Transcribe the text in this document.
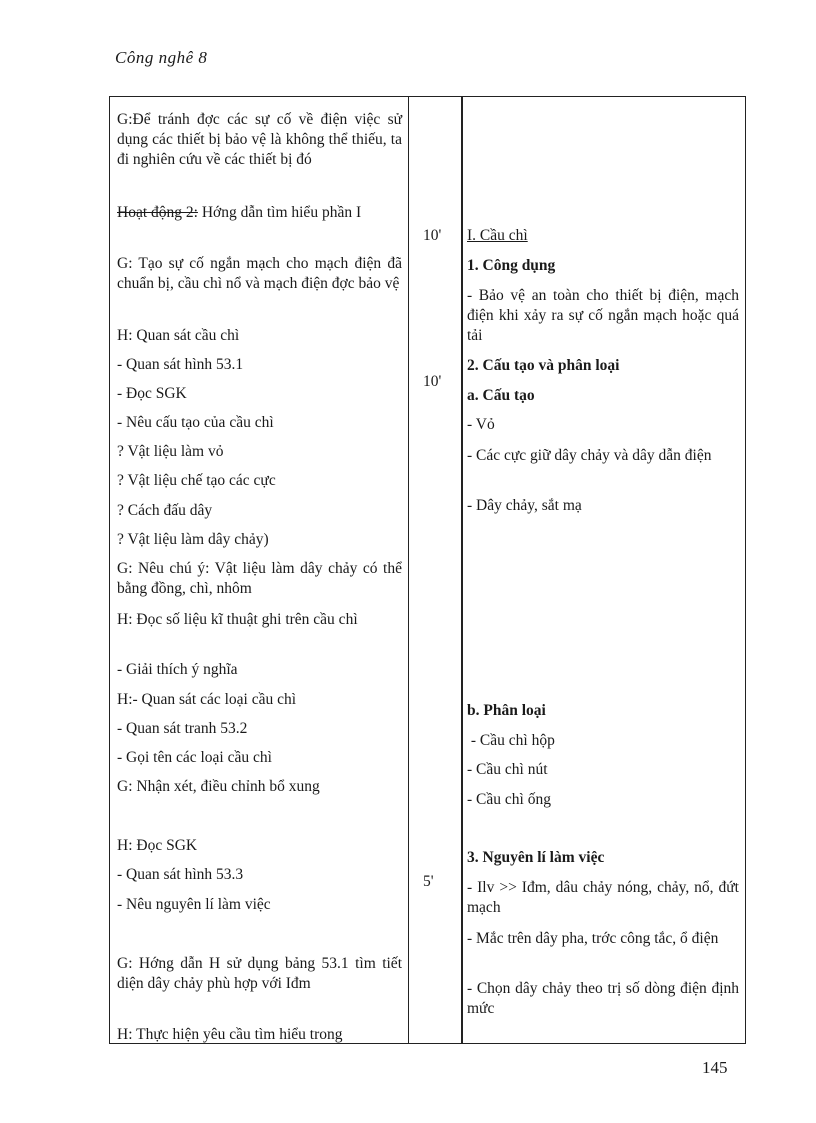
Công nghê 8
G:Để tránh đợc các sự cố về điện việc sử dụng các thiết bị bảo vệ là không thể thiếu, ta đi nghiên cứu về các thiết bị đó
Hoạt động 2: Hớng dẫn tìm hiểu phần I
G: Tạo sự cố ngắn mạch cho mạch điện đã chuẩn bị, cầu chì nổ và mạch điện đợc bảo vệ
H: Quan sát cầu chì
- Quan sát hình 53.1
- Đọc SGK
- Nêu cấu tạo của cầu chì
? Vật liệu làm vỏ
? Vật liệu chế tạo các cực
? Cách đấu dây
? Vật liệu làm dây chảy)
G: Nêu chú ý: Vật liệu làm dây chảy có thể bằng đồng, chì, nhôm
H: Đọc số liệu kĩ thuật ghi trên cầu chì
- Giải thích ý nghĩa
H:- Quan sát các loại cầu chì
- Quan sát tranh 53.2
- Gọi tên các loại cầu chì
G: Nhận xét, điều chỉnh bổ xung
H: Đọc SGK
- Quan sát hình 53.3
- Nêu nguyên lí làm việc
G: Hớng dẫn H sử dụng bảng 53.1 tìm tiết diện dây chảy phù hợp với Iđm
H: Thực hiện yêu cầu tìm hiểu trong
10'
10'
5'
I. Cầu chì
1. Công dụng
- Bảo vệ an toàn cho thiết bị điện, mạch điện khi xảy ra sự cố ngắn mạch hoặc quá tải
2. Cấu tạo và phân loại
a. Cấu tạo
- Vỏ
- Các cực giữ dây chảy và dây dẫn điện
- Dây chảy, sắt mạ
b. Phân loại
- Cầu chì hộp
- Cầu chì nút
- Cầu chì ống
3. Nguyên lí làm việc
- Ilv >> Iđm, dâu chảy nóng, chảy, nổ, đứt mạch
- Mắc trên dây pha, trớc công tắc, ổ điện
- Chọn dây chảy theo trị số dòng điện định mức
145
